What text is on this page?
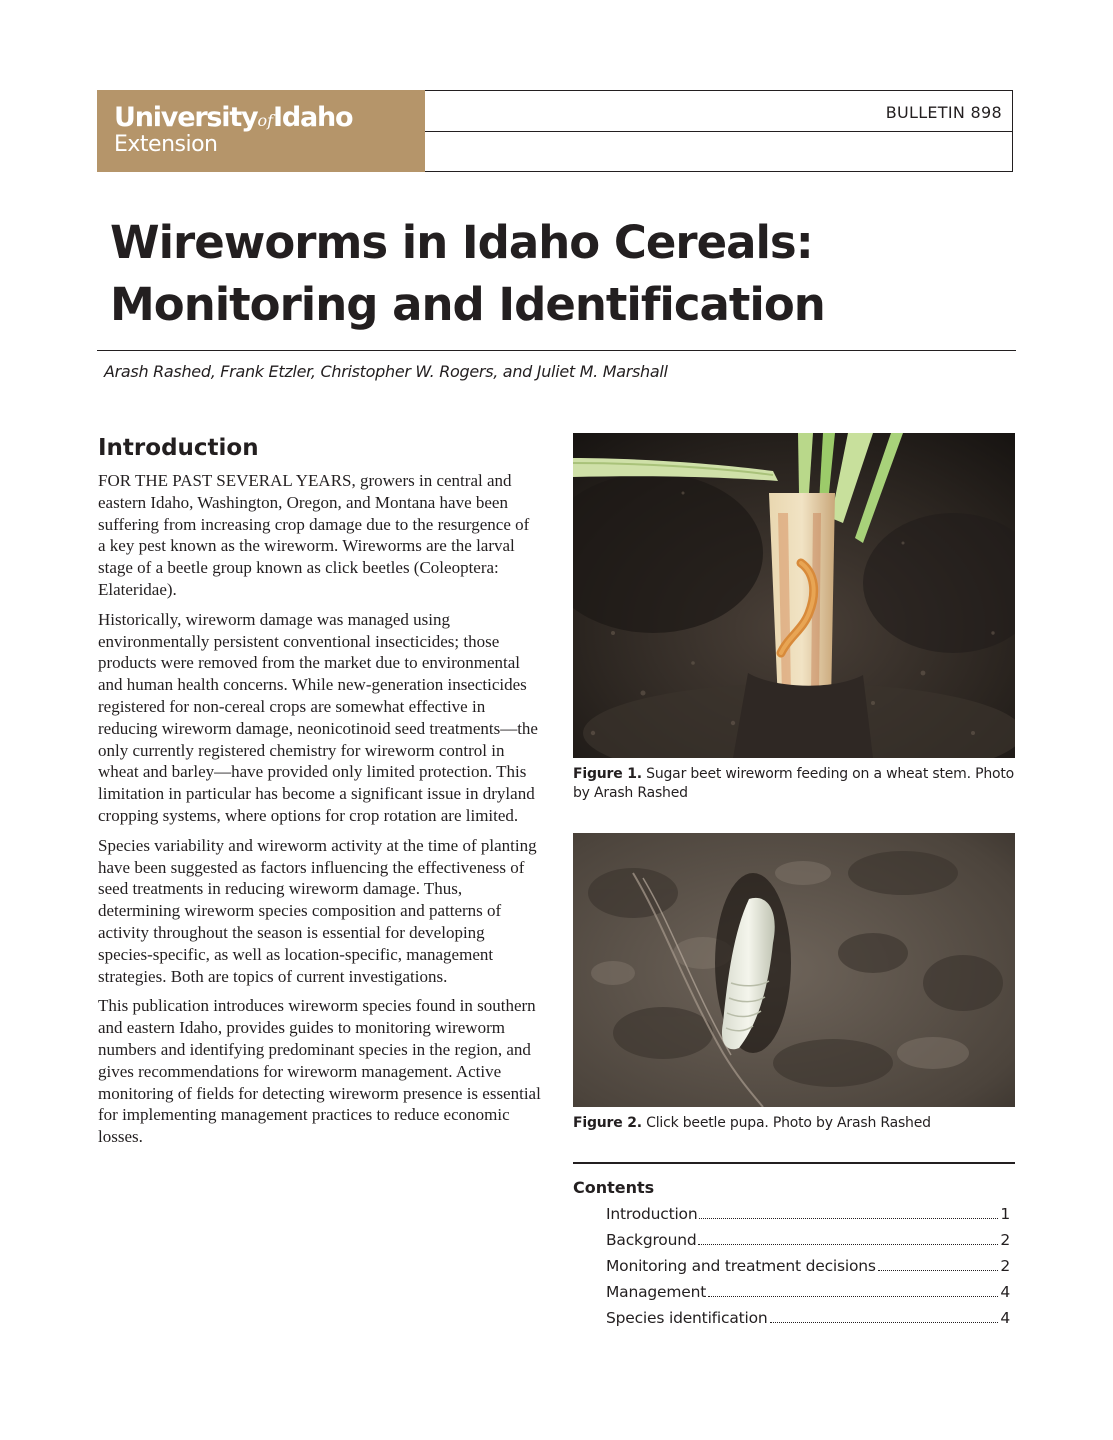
UniversityofIdaho
Extension
BULLETIN 898
Wireworms in Idaho Cereals:
Monitoring and Identification
Arash Rashed, Frank Etzler, Christopher W. Rogers, and Juliet M. Marshall
Introduction

FOR THE PAST SEVERAL YEARS, growers in central and eastern Idaho, Washington, Oregon, and Montana have been suffering from increasing crop damage due to the resurgence of a key pest known as the wireworm. Wireworms are the larval stage of a beetle group known as click beetles (Coleoptera: Elateridae).

Historically, wireworm damage was managed using environmentally persistent conventional insecticides; those products were removed from the market due to environmental and human health concerns. While new-generation insecticides registered for non-cereal crops are somewhat effective in reducing wireworm damage, neonicotinoid seed treatments—the only currently registered chemistry for wireworm control in wheat and barley—have provided only limited protection. This limitation in particular has become a significant issue in dryland cropping systems, where options for crop rotation are limited.

Species variability and wireworm activity at the time of planting have been suggested as factors influencing the effectiveness of seed treatments in reducing wireworm damage. Thus, determining wireworm species composition and patterns of activity throughout the season is essential for developing species-specific, as well as location-specific, management strategies. Both are topics of current investigations.

This publication introduces wireworm species found in southern and eastern Idaho, provides guides to monitoring wireworm numbers and identifying predominant species in the region, and gives recommendations for wireworm management. Active monitoring of fields for detecting wireworm presence is essential for implementing management practices to reduce economic losses.

Figure 1. Sugar beet wireworm feeding on a wheat stem. Photo by Arash Rashed
Figure 2. Click beetle pupa. Photo by Arash Rashed
Contents
Introduction	1
Background	2
Monitoring and treatment decisions	2
Management	4
Species identification	4
